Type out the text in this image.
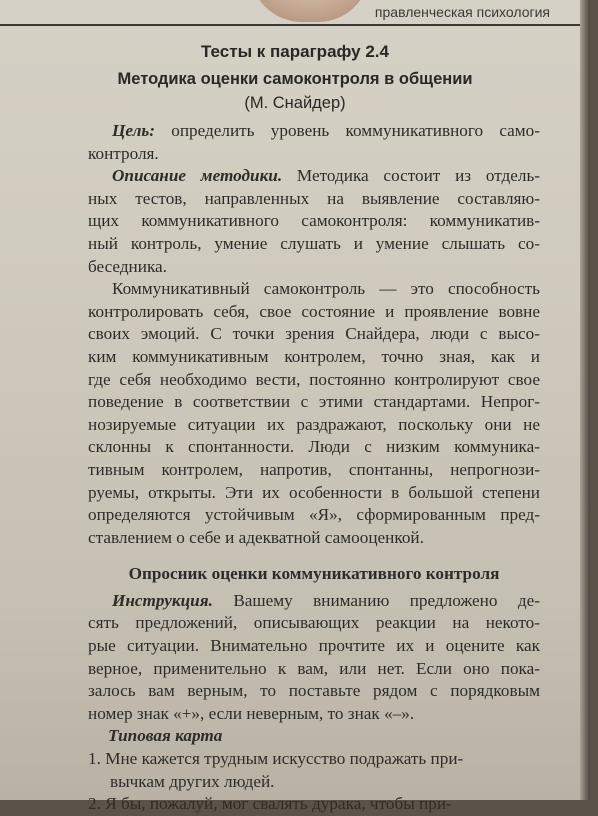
правленческая психология
Тесты к параграфу 2.4
Методика оценки самоконтроля в общении
(М. Снайдер)
Цель: определить уровень коммуникативного само-
контроля.
Описание методики. Методика состоит из отдель-
ных тестов, направленных на выявление составляю-
щих коммуникативного самоконтроля: коммуникатив-
ный контроль, умение слушать и умение слышать со-
беседника.
Коммуникативный самоконтроль — это способность
контролировать себя, свое состояние и проявление вовне
своих эмоций. С точки зрения Снайдера, люди с высо-
ким коммуникативным контролем, точно зная, как и
где себя необходимо вести, постоянно контролируют свое
поведение в соответствии с этими стандартами. Непрог-
нозируемые ситуации их раздражают, поскольку они не
склонны к спонтанности. Люди с низким коммуника-
тивным контролем, напротив, спонтанны, непрогнози-
руемы, открыты. Эти их особенности в большой степени
определяются устойчивым «Я», сформированным пред-
ставлением о себе и адекватной самооценкой.
Опросник оценки коммуникативного контроля
Инструкция. Вашему вниманию предложено де-
сять предложений, описывающих реакции на некото-
рые ситуации. Внимательно прочтите их и оцените как
верное, применительно к вам, или нет. Если оно пока-
залось вам верным, то поставьте рядом с порядковым
номер знак «+», если неверным, то знак «–».
Типовая карта
1. Мне кажется трудным искусство подражать при-
вычкам других людей.
2. Я бы, пожалуй, мог свалять дурака, чтобы при-
